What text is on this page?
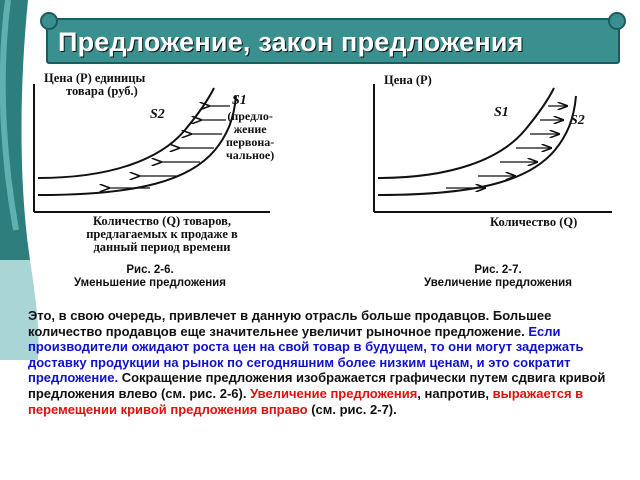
Предложение, закон предложения
Цена (P) единицы
товара (руб.)
S2
S1
(предло-
жение
первона-
чальное)
Количество (Q) товаров,
предлагаемых к продаже в
данный период времени
Рис. 2-6.
Уменьшение предложения
Цена (P)
S1
S2
Количество (Q)
Рис. 2-7.
Увеличение предложения
Это, в свою очередь, привлечет в данную отрасль больше продавцов. Большее количество продавцов еще значительнее увеличит рыночное предложение. Если производители ожидают роста цен на свой товар в будущем, то они могут задержать доставку продукции на рынок по сегодняшним более низким ценам, и это сократит предложение. Сокращение предложения изображается графически путем сдвига кривой предложения влево (см. рис. 2-6). Увеличение предложения, напротив, выражается в перемещении кривой предложения вправо (см. рис. 2-7).
